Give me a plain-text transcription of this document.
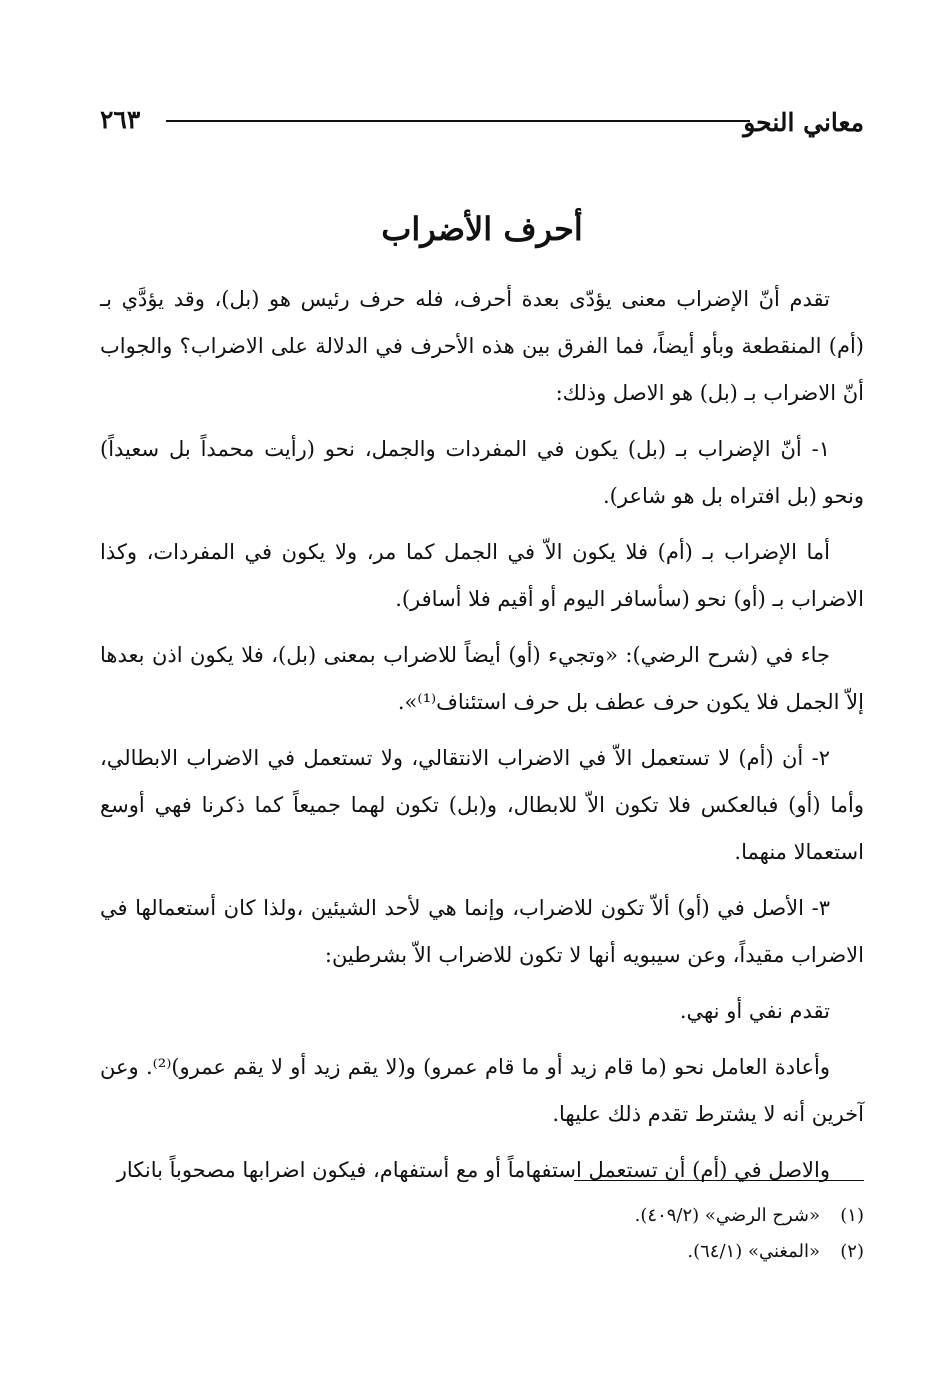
معاني النحو
٢٦٣
أحرف الأضراب

تقدم أنّ الإضراب معنى يؤدّى بعدة أحرف، فله حرف رئيس هو (بل)، وقد يؤدَّي بـ (أم) المنقطعة وبأو أيضاً، فما الفرق بين هذه الأحرف في الدلالة على الاضراب؟ والجواب أنّ الاضراب بـ (بل) هو الاصل وذلك:

١- أنّ الإضراب بـ (بل) يكون في المفردات والجمل، نحو (رأيت محمداً بل سعيداً) ونحو (بل افتراه بل هو شاعر).

أما الإضراب بـ (أم) فلا يكون الاّ في الجمل كما مر، ولا يكون في المفردات، وكذا الاضراب بـ (أو) نحو (سأسافر اليوم أو أقيم فلا أسافر).

جاء في (شرح الرضي): «وتجيء (أو) أيضاً للاضراب بمعنى (بل)، فلا يكون اذن بعدها إلاّ الجمل فلا يكون حرف عطف بل حرف استئناف⁽¹⁾».

٢- أن (أم) لا تستعمل الاّ في الاضراب الانتقالي، ولا تستعمل في الاضراب الابطالي، وأما (أو) فبالعكس فلا تكون الاّ للابطال، و(بل) تكون لهما جميعاً كما ذكرنا فهي أوسع استعمالا منهما.

٣- الأصل في (أو) ألاّ تكون للاضراب، وإنما هي لأحد الشيئين ،ولذا كان أستعمالها في الاضراب مقيداً، وعن سيبويه أنها لا تكون للاضراب الاّ بشرطين:

تقدم نفي أو نهي.

وأعادة العامل نحو (ما قام زيد أو ما قام عمرو) و(لا يقم زيد أو لا يقم عمرو)⁽²⁾. وعن آخرين أنه لا يشترط تقدم ذلك عليها.

والاصل في (أم) أن تستعمل استفهاماً أو مع أستفهام، فيكون اضرابها مصحوباً بانكار

(١)«شرح الرضي» (٤٠٩/٢).
(٢)«المغني» (٦٤/١).
